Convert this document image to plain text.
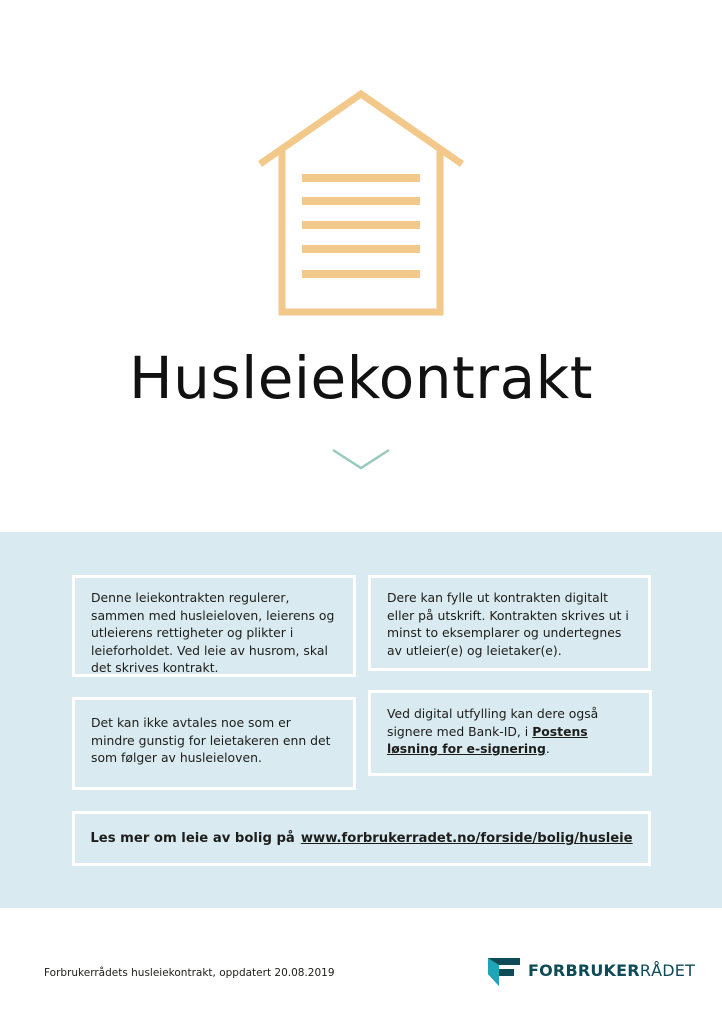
Husleiekontrakt

Denne leiekontrakten regulerer, sammen med husleieloven, leierens og utleierens rettigheter og plikter i leieforholdet. Ved leie av husrom, skal det skrives kontrakt.

Dere kan fylle ut kontrakten digitalt eller på utskrift. Kontrakten skrives ut i minst to eksemplarer og undertegnes av utleier(e) og leietaker(e).

Det kan ikke avtales noe som er mindre gunstig for leietakeren enn det som følger av husleieloven.

Ved digital utfylling kan dere også signere med Bank-ID, i Postens løsning for e-signering.

Les mer om leie av bolig på www.forbrukerradet.no/forside/bolig/husleie
Forbrukerrådets husleiekontrakt, oppdatert 20.08.2019	FORBRUKERRÅDET
